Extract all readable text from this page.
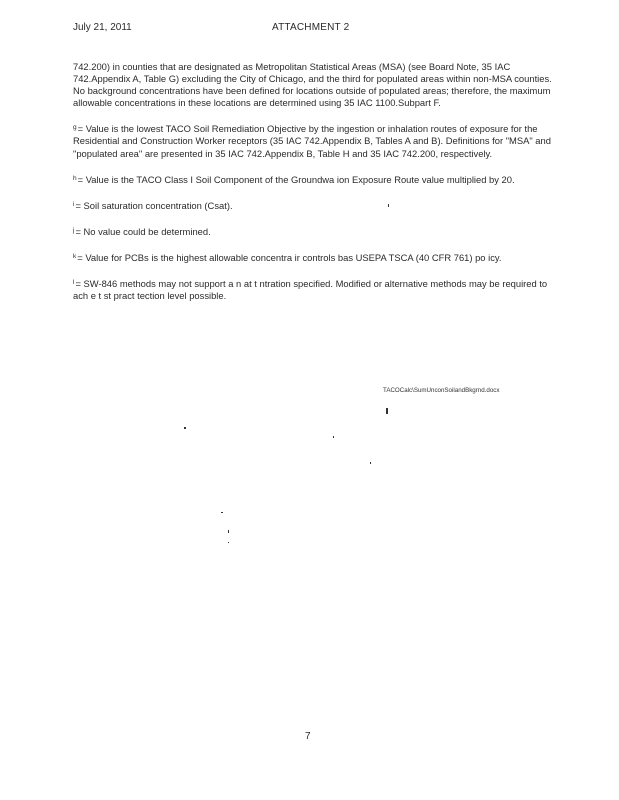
July 21, 2011	ATTACHMENT 2

742.200) in counties that are designated as Metropolitan Statistical Areas (MSA) (see Board Note, 35 IAC 742.Appendix A, Table G) excluding the City of Chicago, and the third for populated areas within non-MSA counties. No background concentrations have been defined for locations outside of populated areas; therefore, the maximum allowable concentrations in these locations are determined using 35 IAC 1100.Subpart F.

$^g$= Value is the lowest TACO Soil Remediation Objective by the ingestion or inhalation routes of exposure for the Residential and Construction Worker receptors (35 IAC 742.Appendix B, Tables A and B). Definitions for "MSA" and "populated area" are presented in 35 IAC 742.Appendix B, Table H and 35 IAC 742.200, respectively.

$^h$= Value is the TACO Class I Soil Component of the Groundwa ion Exposure Route value multiplied by 20.

$^i$= Soil saturation concentration (Csat).

$^j$= No value could be determined.

$^k$= Value for PCBs is the highest allowable concentra ir controls bas USEPA TSCA (40 CFR 761) po icy.

$^l$= SW-846 methods may not support a n at t ntration specified. Modified or alternative methods may be required to ach e t st pract tection level possible.

TACOCalc\SumUnconSoilandBkgrnd.docx
7
